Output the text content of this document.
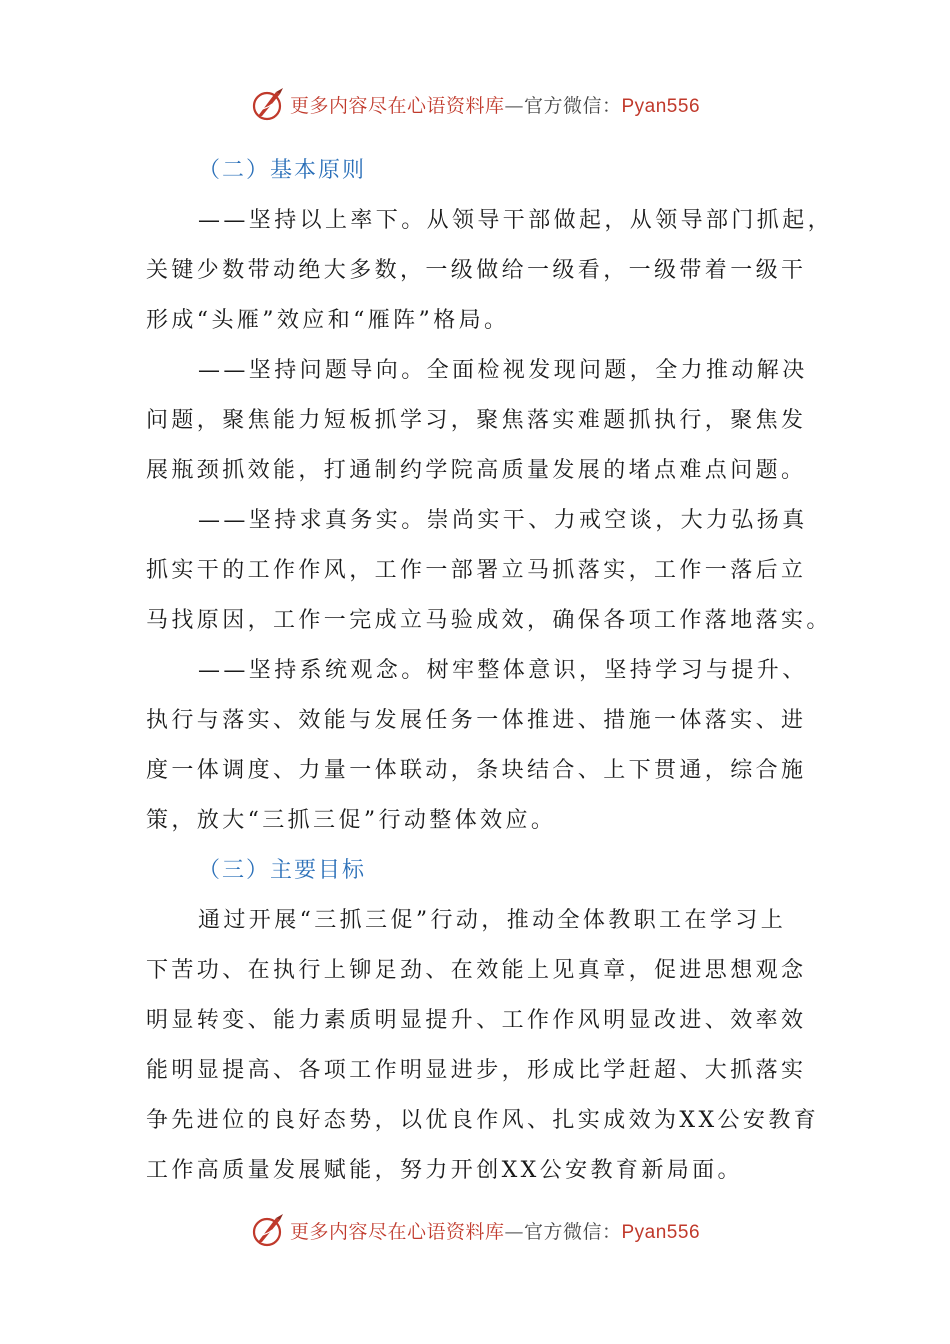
更多内容尽在心语资料库—官方微信：Pyan556
（二）基本原则

——坚持以上率下。从领导干部做起，从领导部门抓起，
关键少数带动绝大多数，一级做给一级看，一级带着一级干
形成“头雁”效应和“雁阵”格局。

——坚持问题导向。全面检视发现问题，全力推动解决
问题，聚焦能力短板抓学习，聚焦落实难题抓执行，聚焦发
展瓶颈抓效能，打通制约学院高质量发展的堵点难点问题。

——坚持求真务实。崇尚实干、力戒空谈，大力弘扬真
抓实干的工作作风，工作一部署立马抓落实，工作一落后立
马找原因，工作一完成立马验成效，确保各项工作落地落实。

——坚持系统观念。树牢整体意识，坚持学习与提升、
执行与落实、效能与发展任务一体推进、措施一体落实、进
度一体调度、力量一体联动，条块结合、上下贯通，综合施
策，放大“三抓三促”行动整体效应。

（三）主要目标

通过开展“三抓三促”行动，推动全体教职工在学习上
下苦功、在执行上铆足劲、在效能上见真章，促进思想观念
明显转变、能力素质明显提升、工作作风明显改进、效率效
能明显提高、各项工作明显进步，形成比学赶超、大抓落实
争先进位的良好态势，以优良作风、扎实成效为XX公安教育
工作高质量发展赋能，努力开创XX公安教育新局面。

更多内容尽在心语资料库—官方微信：Pyan556
